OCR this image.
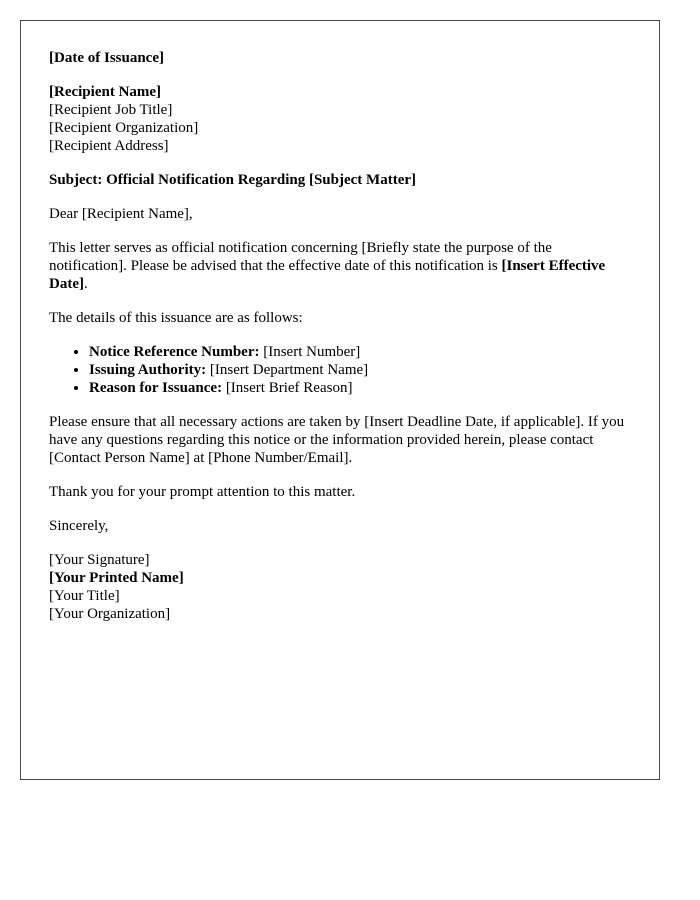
[Date of Issuance]

[Recipient Name]
[Recipient Job Title]
[Recipient Organization]
[Recipient Address]

Subject: Official Notification Regarding [Subject Matter]

Dear [Recipient Name],

This letter serves as official notification concerning [Briefly state the purpose of the notification]. Please be advised that the effective date of this notification is [Insert Effective Date].

The details of this issuance are as follows:

• Notice Reference Number: [Insert Number]
• Issuing Authority: [Insert Department Name]
• Reason for Issuance: [Insert Brief Reason]

Please ensure that all necessary actions are taken by [Insert Deadline Date, if applicable]. If you have any questions regarding this notice or the information provided herein, please contact [Contact Person Name] at [Phone Number/Email].

Thank you for your prompt attention to this matter.

Sincerely,

[Your Signature]
[Your Printed Name]
[Your Title]
[Your Organization]
